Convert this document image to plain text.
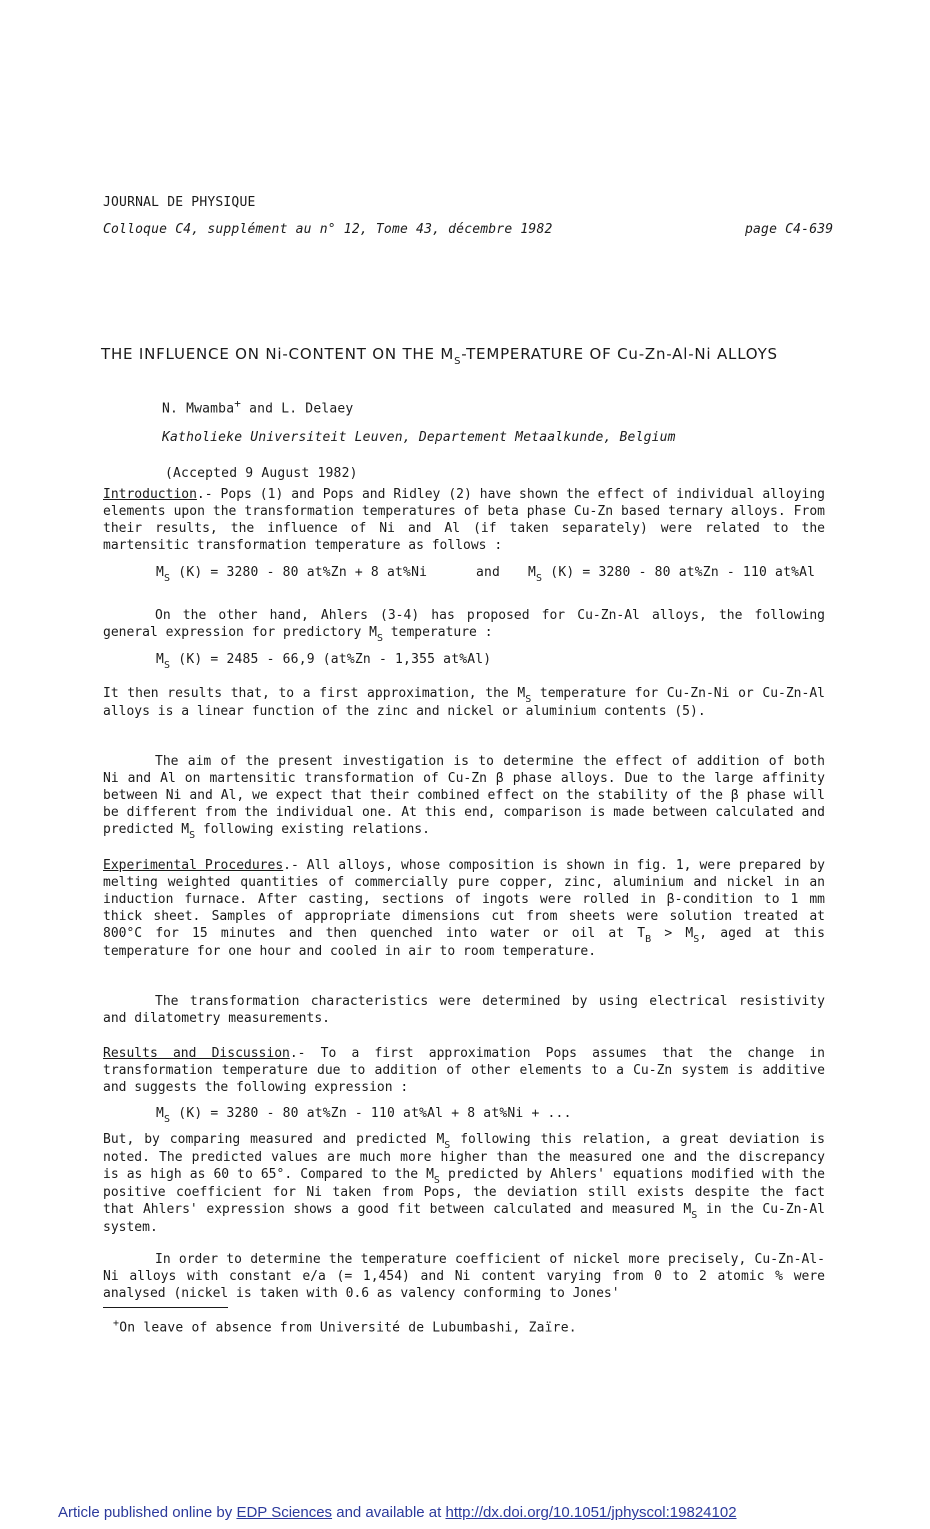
JOURNAL DE PHYSIQUE
Colloque C4, supplément au n° 12, Tome 43, décembre 1982	page C4-639
THE INFLUENCE ON Ni-CONTENT ON THE $M_S$-TEMPERATURE OF Cu-Zn-Al-Ni ALLOYS
N. Mwamba+ and L. Delaey
Katholieke Universiteit Leuven, Departement Metaalkunde, Belgium
(Accepted 9 August 1982)
Introduction.- Pops (1) and Pops and Ridley (2) have shown the effect of individual alloying elements upon the transformation temperatures of beta phase Cu-Zn based ternary alloys. From their results, the influence of Ni and Al (if taken separately) were related to the martensitic transformation temperature as follows :
$M_S$ (K) = 3280 - 80 at%Zn + 8 at%Ni	and $M_S$ (K) = 3280 - 80 at%Zn - 110 at%Al
On the other hand, Ahlers (3-4) has proposed for Cu-Zn-Al alloys, the following general expression for predictory $M_S$ temperature :
$M_S$ (K) = 2485 - 66,9 (at%Zn - 1,355 at%Al)
It then results that, to a first approximation, the $M_S$ temperature for Cu-Zn-Ni or Cu-Zn-Al alloys is a linear function of the zinc and nickel or aluminium contents (5).
The aim of the present investigation is to determine the effect of addition of both Ni and Al on martensitic transformation of Cu-Zn β phase alloys. Due to the large affinity between Ni and Al, we expect that their combined effect on the stability of the β phase will be different from the individual one. At this end, comparison is made between calculated and predicted $M_S$ following existing relations.
Experimental Procedures.- All alloys, whose composition is shown in fig. 1, were prepared by melting weighted quantities of commercially pure copper, zinc, aluminium and nickel in an induction furnace. After casting, sections of ingots were rolled in β-condition to 1 mm thick sheet. Samples of appropriate dimensions cut from sheets were solution treated at 800°C for 15 minutes and then quenched into water or oil at $T_B > M_S$, aged at this temperature for one hour and cooled in air to room temperature.
The transformation characteristics were determined by using electrical resistivity and dilatometry measurements.
Results and Discussion.- To a first approximation Pops assumes that the change in transformation temperature due to addition of other elements to a Cu-Zn system is additive and suggests the following expression :
$M_S$ (K) = 3280 - 80 at%Zn - 110 at%Al + 8 at%Ni + ...
But, by comparing measured and predicted $M_S$ following this relation, a great deviation is noted. The predicted values are much more higher than the measured one and the discrepancy is as high as 60 to 65°. Compared to the $M_S$ predicted by Ahlers' equations modified with the positive coefficient for Ni taken from Pops, the deviation still exists despite the fact that Ahlers' expression shows a good fit between calculated and measured $M_S$ in the Cu-Zn-Al system.
In order to determine the temperature coefficient of nickel more precisely, Cu-Zn-Al-Ni alloys with constant e/a (= 1,454) and Ni content varying from 0 to 2 atomic % were analysed (nickel is taken with 0.6 as valency conforming to Jones'
+On leave of absence from Université de Lubumbashi, Zaïre.
Article published online by EDP Sciences and available at http://dx.doi.org/10.1051/jphyscol:19824102
